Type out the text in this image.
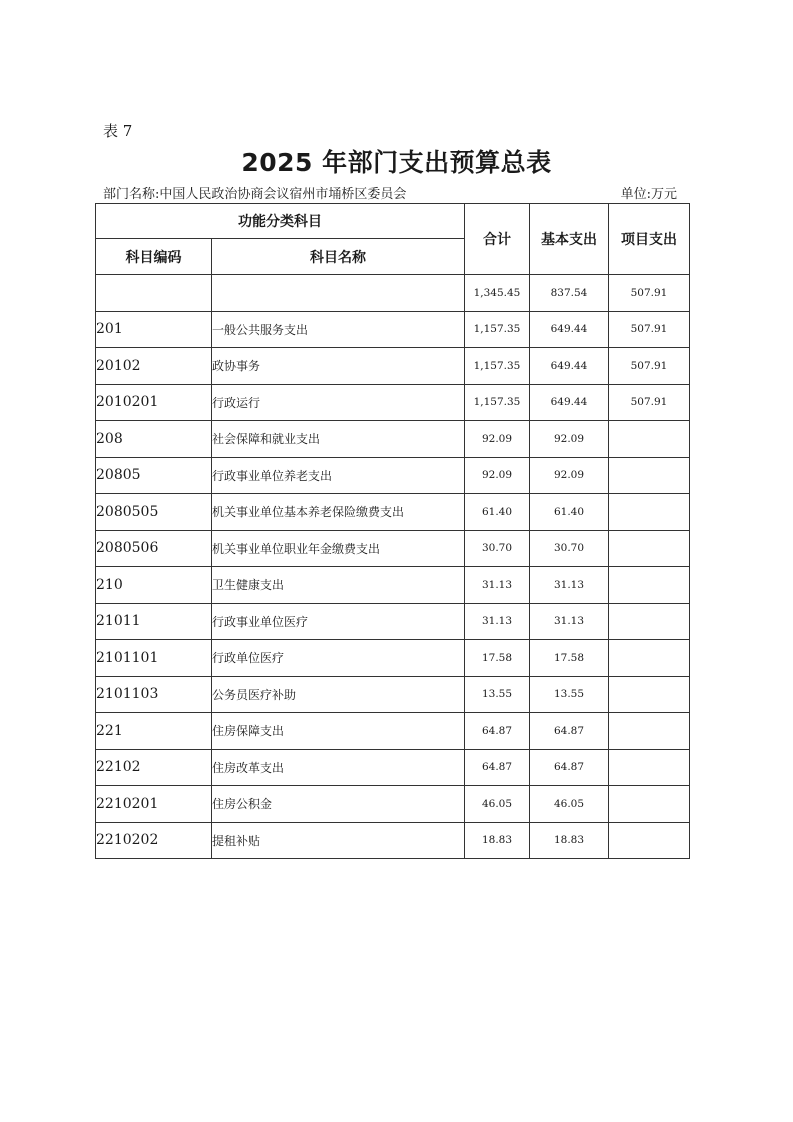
表 7
2025 年部门支出预算总表
部门名称:中国人民政治协商会议宿州市埇桥区委员会	单位:万元
功能分类科目		合计	基本支出	项目支出
科目编码	科目名称			
		1,345.45	837.54	507.91
201	一般公共服务支出	1,157.35	649.44	507.91
20102	政协事务	1,157.35	649.44	507.91
2010201	行政运行	1,157.35	649.44	507.91
208	社会保障和就业支出	92.09	92.09	
20805	行政事业单位养老支出	92.09	92.09	
2080505	机关事业单位基本养老保险缴费支出	61.40	61.40	
2080506	机关事业单位职业年金缴费支出	30.70	30.70	
210	卫生健康支出	31.13	31.13	
21011	行政事业单位医疗	31.13	31.13	
2101101	行政单位医疗	17.58	17.58	
2101103	公务员医疗补助	13.55	13.55	
221	住房保障支出	64.87	64.87	
22102	住房改革支出	64.87	64.87	
2210201	住房公积金	46.05	46.05	
2210202	提租补贴	18.83	18.83	
